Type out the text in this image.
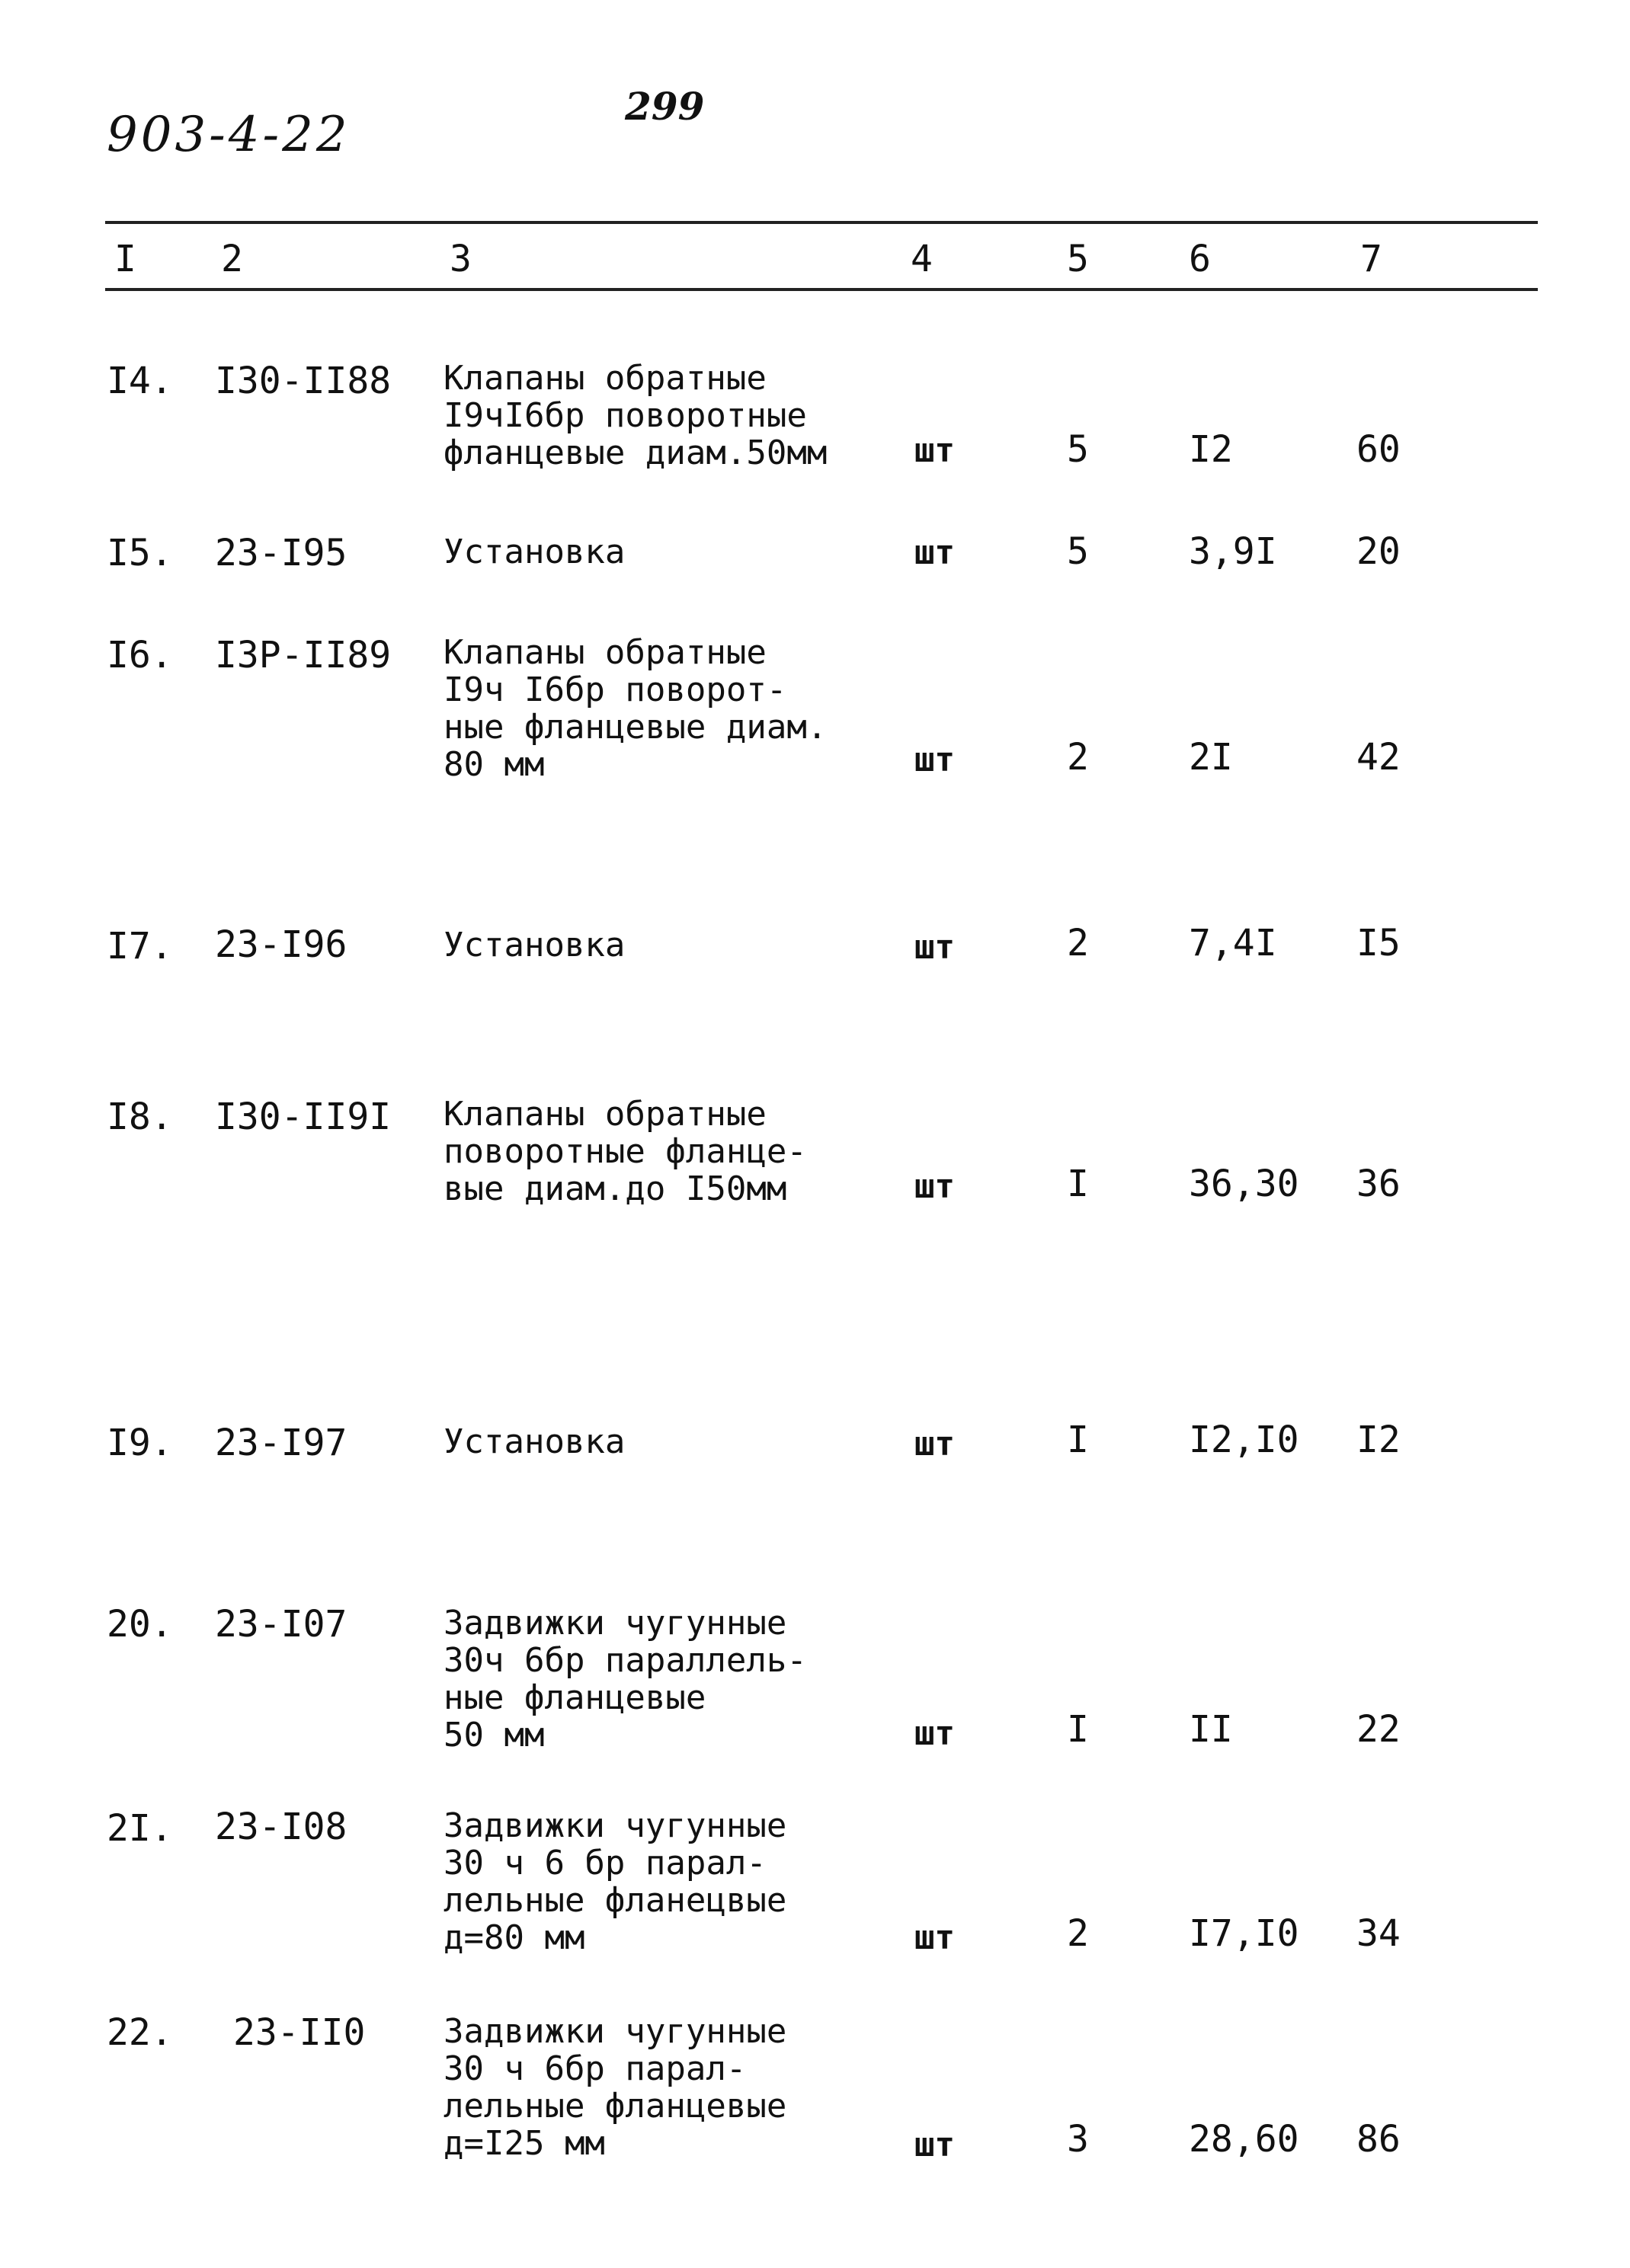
903-4-22
299
I 2	3	4	5	6	7
I4. I30-II88 Клапаны обратные
I9чI6бр поворотные
фланцевые диам.50мм	шт	5	I2	60
I5. 23-I95	Установка	шт	5	3,9I 20
I6. I3P-II89 Клапаны обратные
I9ч I6бр поворот-
ные фланцевые диам.
80 мм	шт	2	2I	42
I7. 23-I96	Установка	шт	2	7,4I I5
I8. I30-II9I Клапаны обратные
поворотные фланце-
вые диам.до I50мм	шт	I	36,30 36
I9. 23-I97	Установка	шт	I	I2,I0 I2
20. 23-I07	Задвижки чугунные
30ч 6бр параллель-
ные фланцевые
50 мм	шт	I	II	22
2I. 23-I08	Задвижки чугунные
30 ч 6 бр парал-
лельные фланецвые
д=80 мм	шт	2	I7,I0 34
22. 23-II0 Задвижки чугунные
30 ч 6бр парал-
лельные фланцевые
д=I25 мм	шт	3	28,60 86
